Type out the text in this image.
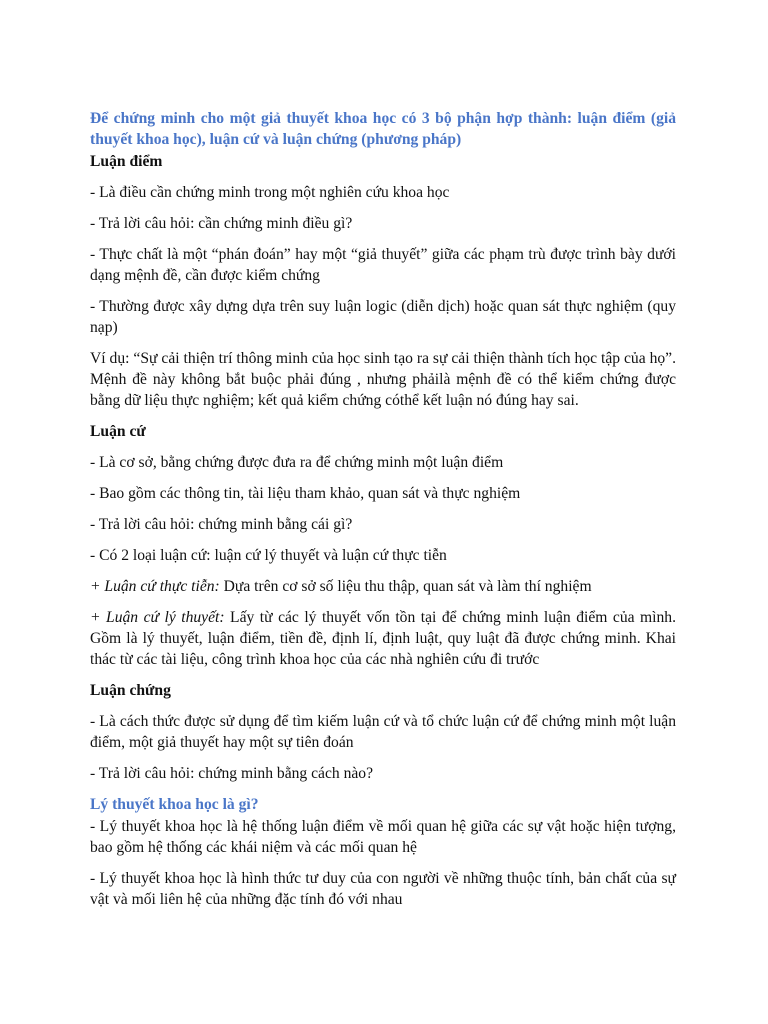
Để chứng minh cho một giả thuyết khoa học có 3 bộ phận hợp thành: luận điểm (giả thuyết khoa học), luận cứ và luận chứng (phương pháp)

Luận điểm

- Là điều cần chứng minh trong một nghiên cứu khoa học

- Trả lời câu hỏi: cần chứng minh điều gì?

- Thực chất là một “phán đoán” hay một “giả thuyết” giữa các phạm trù được trình bày dưới dạng mệnh đề, cần được kiểm chứng

- Thường được xây dựng dựa trên suy luận logic (diễn dịch) hoặc quan sát thực nghiệm (quy nạp)

Ví dụ: “Sự cải thiện trí thông minh của học sinh tạo ra sự cải thiện thành tích học tập của họ”. Mệnh đề này không bắt buộc phải đúng , nhưng phảilà mệnh đề có thể kiểm chứng được bằng dữ liệu thực nghiệm; kết quả kiểm chứng cóthể kết luận nó đúng hay sai.

Luận cứ

- Là cơ sở, bằng chứng được đưa ra để chứng minh một luận điểm

- Bao gồm các thông tin, tài liệu tham khảo, quan sát và thực nghiệm

- Trả lời câu hỏi: chứng minh bằng cái gì?

- Có 2 loại luận cứ: luận cứ lý thuyết và luận cứ thực tiễn

+ Luận cứ thực tiễn: Dựa trên cơ sở số liệu thu thập, quan sát và làm thí nghiệm

+ Luận cứ lý thuyết: Lấy từ các lý thuyết vốn tồn tại để chứng minh luận điểm của mình. Gồm là lý thuyết, luận điểm, tiền đề, định lí, định luật, quy luật đã được chứng minh. Khai thác từ các tài liệu, công trình khoa học của các nhà nghiên cứu đi trước

Luận chứng

- Là cách thức được sử dụng để tìm kiếm luận cứ và tổ chức luận cứ để chứng minh một luận điểm, một giả thuyết hay một sự tiên đoán

- Trả lời câu hỏi: chứng minh bằng cách nào?

Lý thuyết khoa học là gì?

- Lý thuyết khoa học là hệ thống luận điểm về mối quan hệ giữa các sự vật hoặc hiện tượng, bao gồm hệ thống các khái niệm và các mối quan hệ

- Lý thuyết khoa học là hình thức tư duy của con người về những thuộc tính, bản chất của sự vật và mối liên hệ của những đặc tính đó với nhau
